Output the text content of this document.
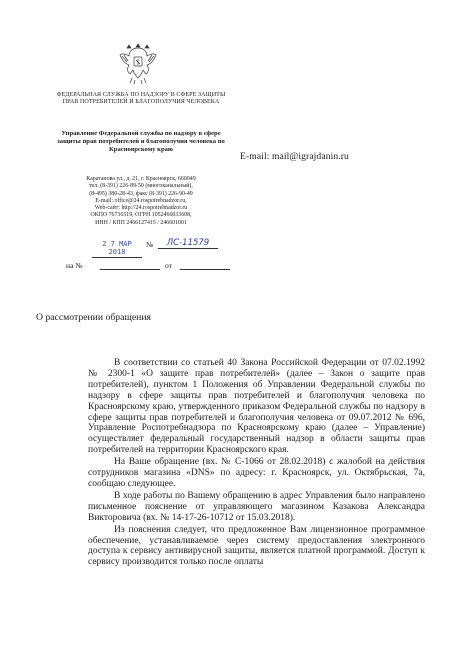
ФЕДЕРАЛЬНАЯ СЛУЖБА ПО НАДЗОРУ В СФЕРЕ ЗАЩИТЫ ПРАВ ПОТРЕБИТЕЛЕЙ И БЛАГОПОЛУЧИЯ ЧЕЛОВЕКА
Управление Федеральной службы по надзору в сфере защиты прав потребителей и благополучия человека по Красноярскому краю
Каратанова ул., д. 21, г. Красноярск, 660049
тел. (8-391) 226-89-50 (многоканальный),
(8-495) 380-28-43, факс (8-391) 226-90-49
E-mail: office@24.rospotrebnadzor.ru,
Web-сайт: http://24.rospotrebnadzor.ru
ОКПО 76736519, ОГРН 1052466033608,
ИНН / КПП 2466127415 / 246601001
E-mail: mail@igrajdanin.ru
2 7 МАР 2018
№	ЛС-11579
на №	от
О рассмотрении обращения

В соответствии со статьей 40 Закона Российской Федерации от 07.02.1992 № 2300-1 «О защите прав потребителей» (далее – Закон о защите прав потребителей), пунктом 1 Положения об Управлении Федеральной службы по надзору в сфере защиты прав потребителей и благополучия человека по Красноярскому краю, утвержденного приказом Федеральной службы по надзору в сфере защиты прав потребителей и благополучия человека от 09.07.2012 № 696, Управление Роспотребнадзора по Красноярскому краю (далее – Управление) осуществляет федеральный государственный надзор в области защиты прав потребителей на территории Красноярского края.

На Ваше обращение (вх. № С-1066 от 28.02.2018) с жалобой на действия сотрудников магазина «DNS» по адресу: г. Красноярск, ул. Октябрьская, 7а, сообщаю следующее.

В ходе работы по Вашему обращению в адрес Управления было направлено письменное пояснение от управляющего магазином Казакова Александра Викторовича (вх. № 14-17-26-10712 от 15.03.2018).

Из пояснения следует, что предложенное Вам лицензионное программное обеспечение, устанавливаемое через систему предоставления электронного доступа к сервису антивирусной защиты, является платной программой. Доступ к сервису производится только после оплаты
